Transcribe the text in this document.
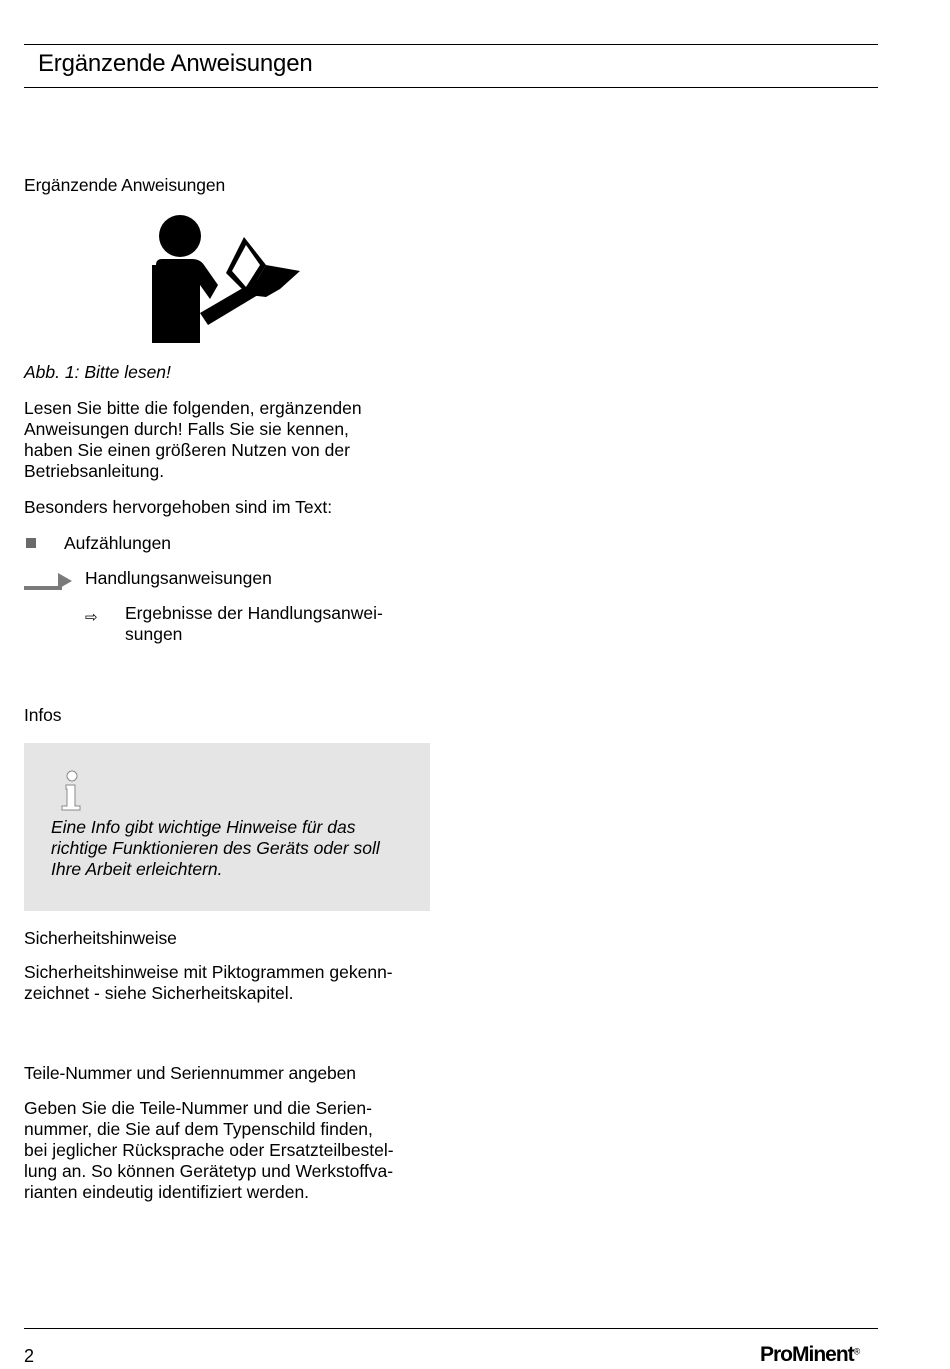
Ergänzende Anweisungen
Ergänzende Anweisungen
Abb. 1: Bitte lesen!
Lesen Sie bitte die folgenden, ergänzenden
Anweisungen durch! Falls Sie sie kennen,
haben Sie einen größeren Nutzen von der
Betriebsanleitung.
Besonders hervorgehoben sind im Text:
Aufzählungen
Handlungsanweisungen
⇨ Ergebnisse der Handlungsanwei-
sungen
Infos
Eine Info gibt wichtige Hinweise für das
richtige Funktionieren des Geräts oder soll
Ihre Arbeit erleichtern.
Sicherheitshinweise
Sicherheitshinweise mit Piktogrammen gekenn-
zeichnet - siehe Sicherheitskapitel.
Teile-Nummer und Seriennummer angeben
Geben Sie die Teile-Nummer und die Serien-
nummer, die Sie auf dem Typenschild finden,
bei jeglicher Rücksprache oder Ersatzteilbestel-
lung an. So können Gerätetyp und Werkstoffva-
rianten eindeutig identifiziert werden.
2	ProMinent®
